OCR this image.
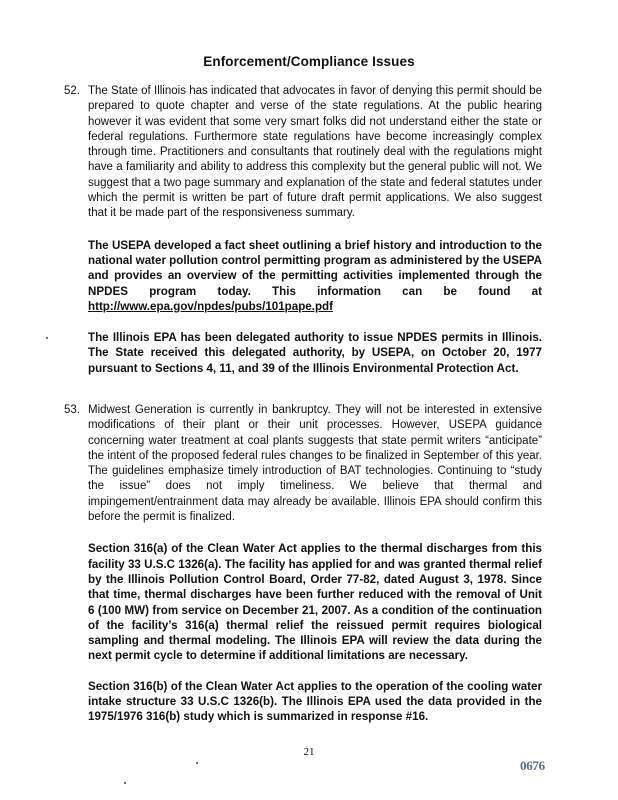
Enforcement/Compliance Issues
52. The State of Illinois has indicated that advocates in favor of denying this permit should be prepared to quote chapter and verse of the state regulations. At the public hearing however it was evident that some very smart folks did not understand either the state or federal regulations. Furthermore state regulations have become increasingly complex through time. Practitioners and consultants that routinely deal with the regulations might have a familiarity and ability to address this complexity but the general public will not. We suggest that a two page summary and explanation of the state and federal statutes under which the permit is written be part of future draft permit applications. We also suggest that it be made part of the responsiveness summary.
The USEPA developed a fact sheet outlining a brief history and introduction to the national water pollution control permitting program as administered by the USEPA and provides an overview of the permitting activities implemented through the NPDES program today. This information can be found at http://www.epa.gov/npdes/pubs/101pape.pdf
The Illinois EPA has been delegated authority to issue NPDES permits in Illinois. The State received this delegated authority, by USEPA, on October 20, 1977 pursuant to Sections 4, 11, and 39 of the Illinois Environmental Protection Act.
53. Midwest Generation is currently in bankruptcy. They will not be interested in extensive modifications of their plant or their unit processes. However, USEPA guidance concerning water treatment at coal plants suggests that state permit writers “anticipate” the intent of the proposed federal rules changes to be finalized in September of this year. The guidelines emphasize timely introduction of BAT technologies. Continuing to “study the issue” does not imply timeliness. We believe that thermal and impingement/entrainment data may already be available. Illinois EPA should confirm this before the permit is finalized.
Section 316(a) of the Clean Water Act applies to the thermal discharges from this facility 33 U.S.C 1326(a). The facility has applied for and was granted thermal relief by the Illinois Pollution Control Board, Order 77-82, dated August 3, 1978. Since that time, thermal discharges have been further reduced with the removal of Unit 6 (100 MW) from service on December 21, 2007. As a condition of the continuation of the facility’s 316(a) thermal relief the reissued permit requires biological sampling and thermal modeling. The Illinois EPA will review the data during the next permit cycle to determine if additional limitations are necessary.
Section 316(b) of the Clean Water Act applies to the operation of the cooling water intake structure 33 U.S.C 1326(b). The Illinois EPA used the data provided in the 1975/1976 316(b) study which is summarized in response #16.
21
0676
